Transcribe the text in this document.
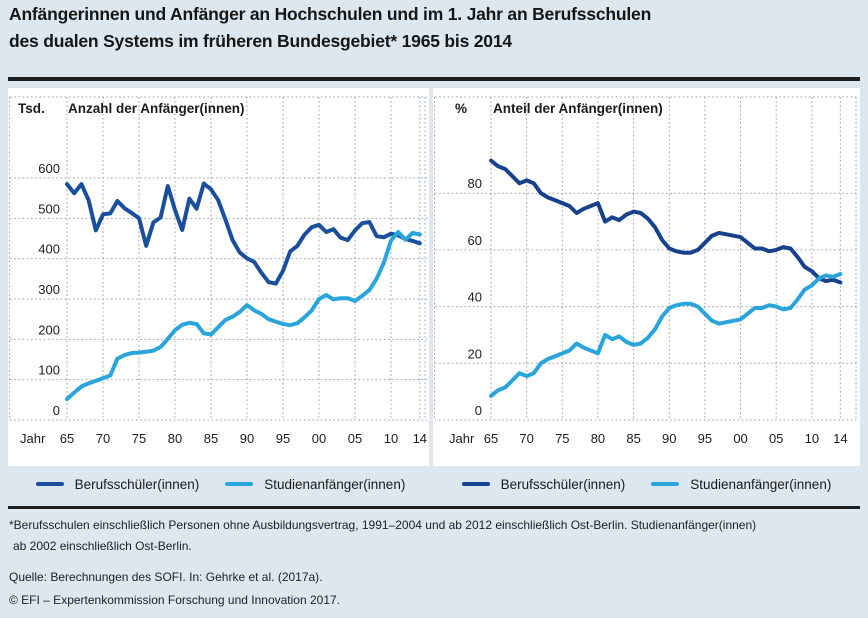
Anfängerinnen und Anfänger an Hochschulen und im 1. Jahr an Berufsschulen
des dualen Systems im früheren Bundesgebiet* 1965 bis 2014
0
100
200
300
400
500
600
65 70 75 80 85 90 95 00 05 10 14
Jahr
Tsd. Anzahl der Anfänger(innen)
0
20
40
60
80
65 70 75 80 85 90 95 00 05 10 14
Jahr
% Anteil der Anfänger(innen)
Berufsschüler(innen)	Studienanfänger(innen)	Berufsschüler(innen)	Studienanfänger(innen)

*Berufsschulen einschließlich Personen ohne Ausbildungsvertrag, 1991–2004 und ab 2012 einschließlich Ost-Berlin. Studienanfänger(innen)

ab 2002 einschließlich Ost-Berlin.

Quelle: Berechnungen des SOFI. In: Gehrke et al. (2017a).

© EFI – Expertenkommission Forschung und Innovation 2017.
